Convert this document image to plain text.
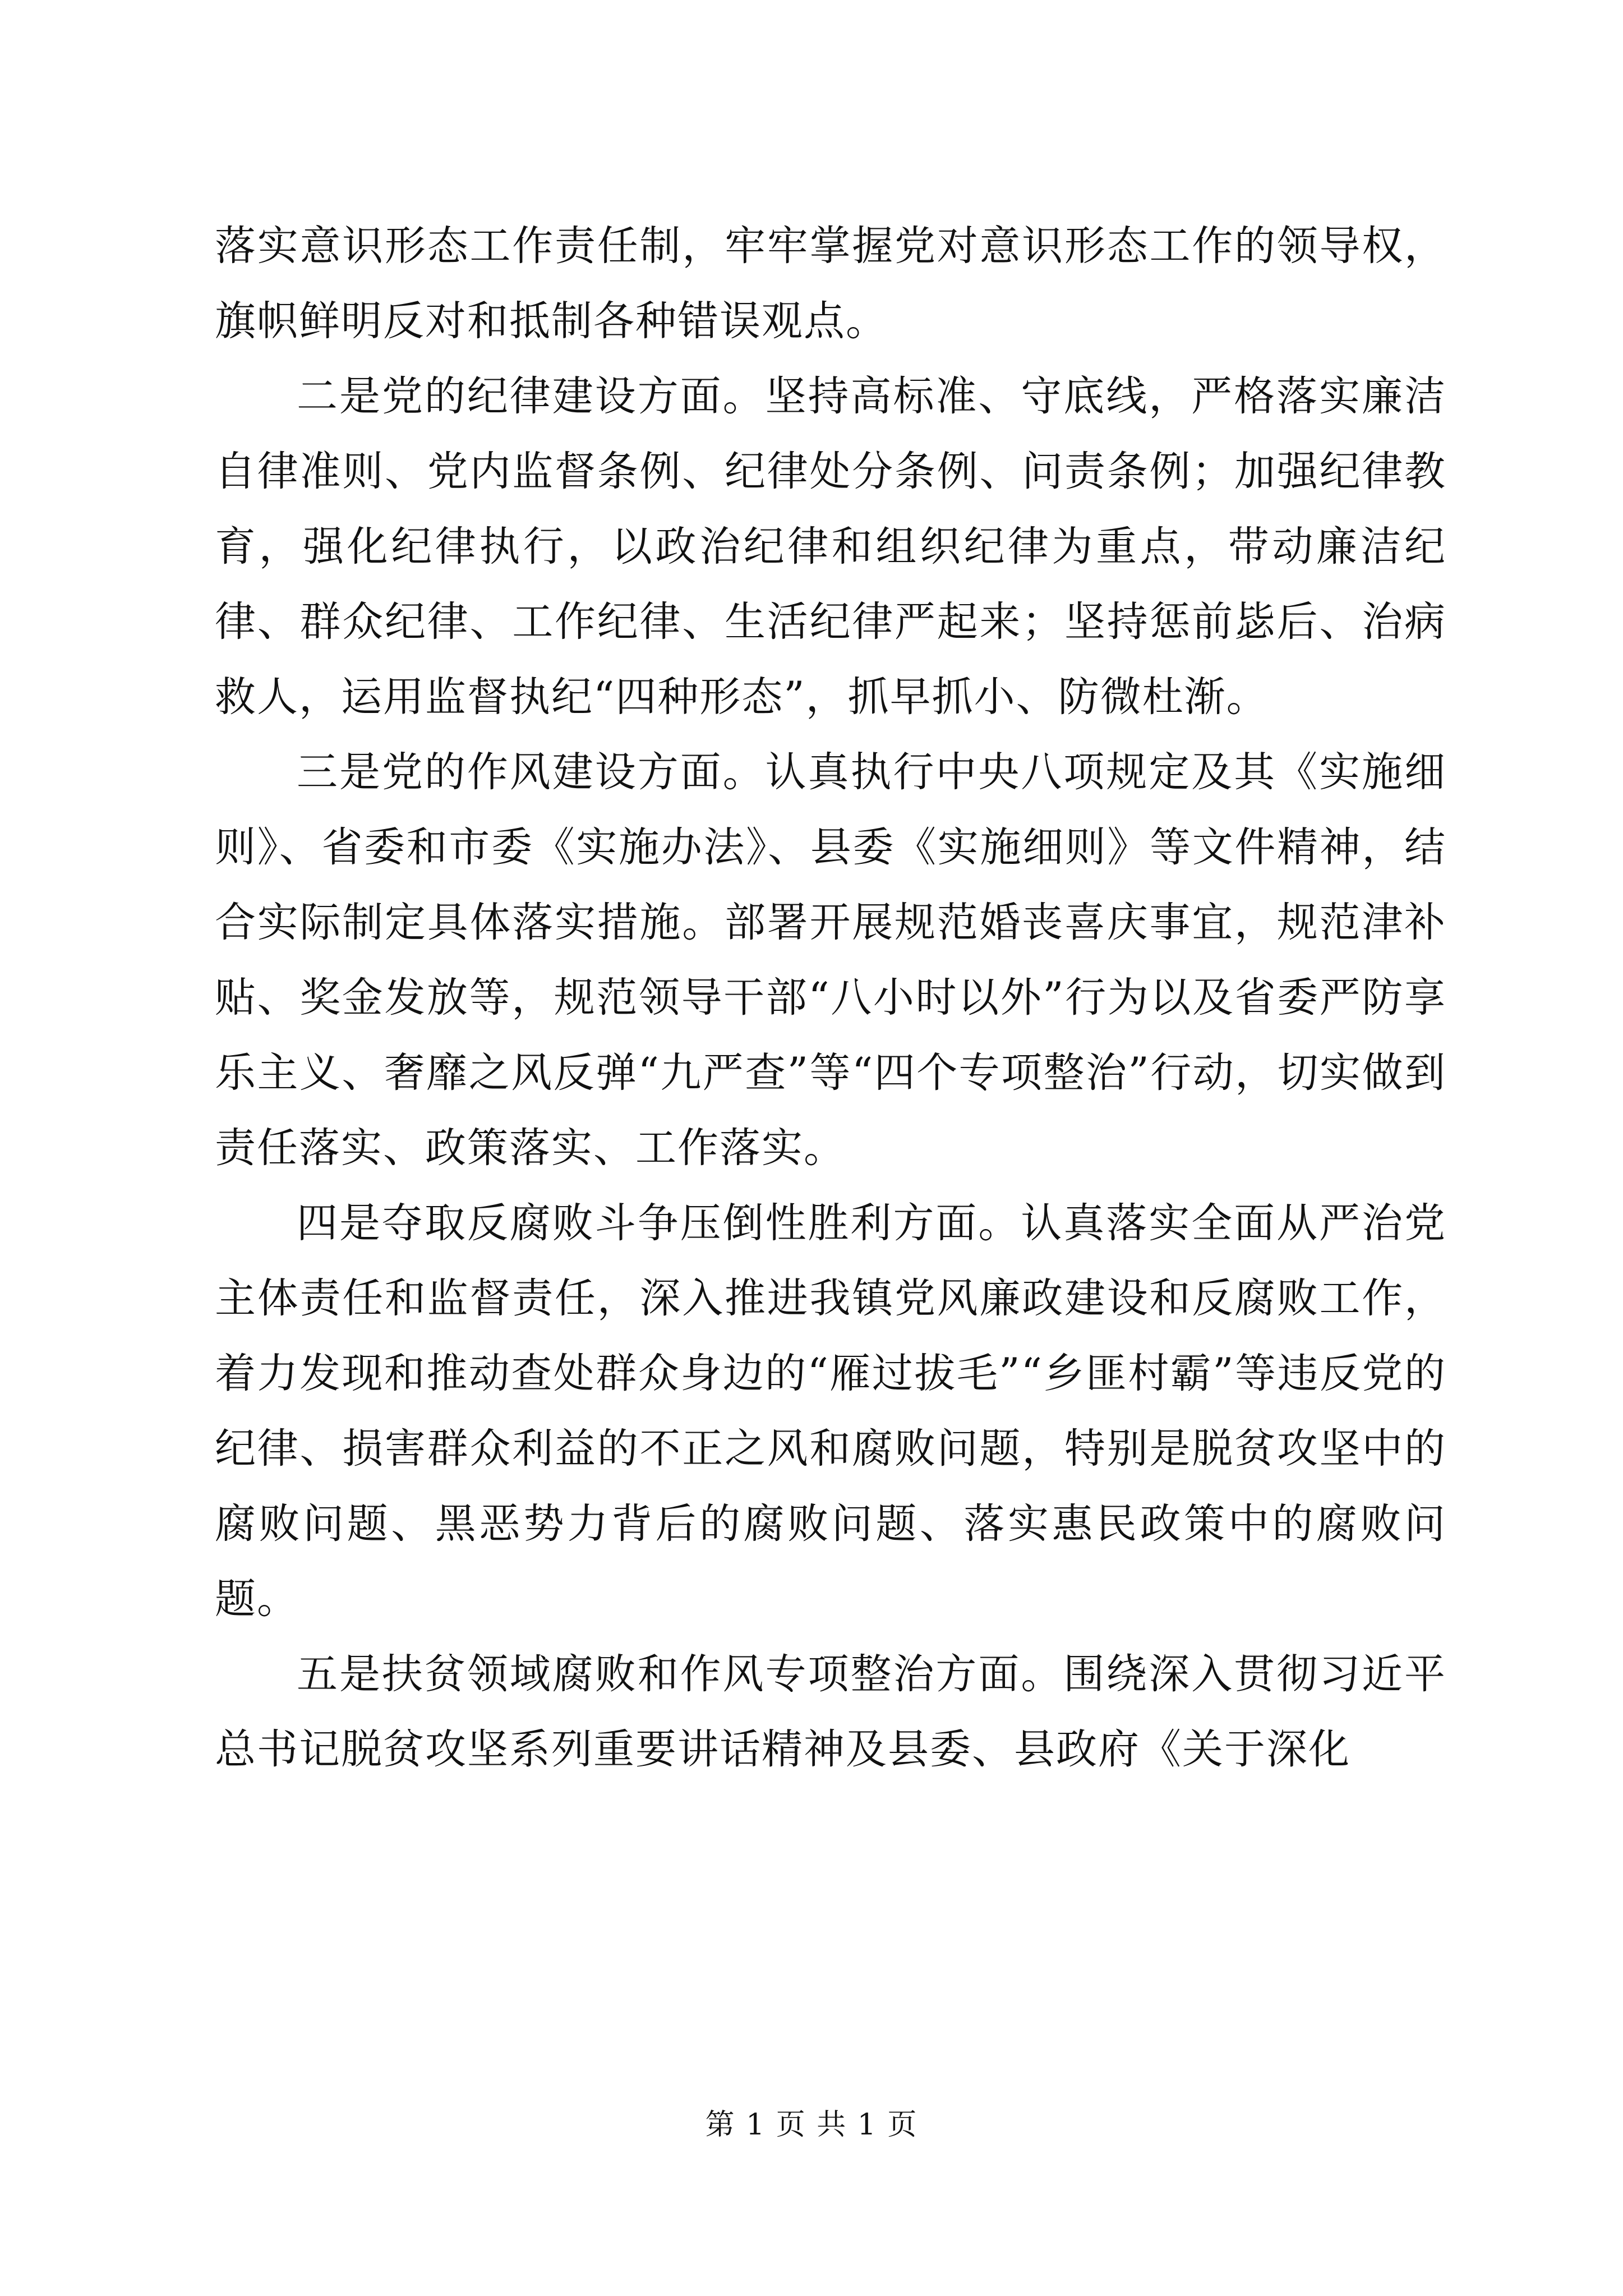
落实意识形态工作责任制，牢牢掌握党对意识形态工作的领导权，旗帜鲜明反对和抵制各种错误观点。

二是党的纪律建设方面。坚持高标准、守底线，严格落实廉洁自律准则、党内监督条例、纪律处分条例、问责条例；加强纪律教育，强化纪律执行，以政治纪律和组织纪律为重点，带动廉洁纪律、群众纪律、工作纪律、生活纪律严起来；坚持惩前毖后、治病救人，运用监督执纪“四种形态”，抓早抓小、防微杜渐。

三是党的作风建设方面。认真执行中央八项规定及其《实施细则》、省委和市委《实施办法》、县委《实施细则》等文件精神，结合实际制定具体落实措施。部署开展规范婚丧喜庆事宜，规范津补贴、奖金发放等，规范领导干部“八小时以外”行为以及省委严防享乐主义、奢靡之风反弹“九严查”等“四个专项整治”行动，切实做到责任落实、政策落实、工作落实。

四是夺取反腐败斗争压倒性胜利方面。认真落实全面从严治党主体责任和监督责任，深入推进我镇党风廉政建设和反腐败工作，着力发现和推动查处群众身边的“雁过拔毛”“乡匪村霸”等违反党的纪律、损害群众利益的不正之风和腐败问题，特别是脱贫攻坚中的腐败问题、黑恶势力背后的腐败问题、落实惠民政策中的腐败问题。

五是扶贫领域腐败和作风专项整治方面。围绕深入贯彻习近平总书记脱贫攻坚系列重要讲话精神及县委、县政府《关于深化

第 1 页 共 1 页
